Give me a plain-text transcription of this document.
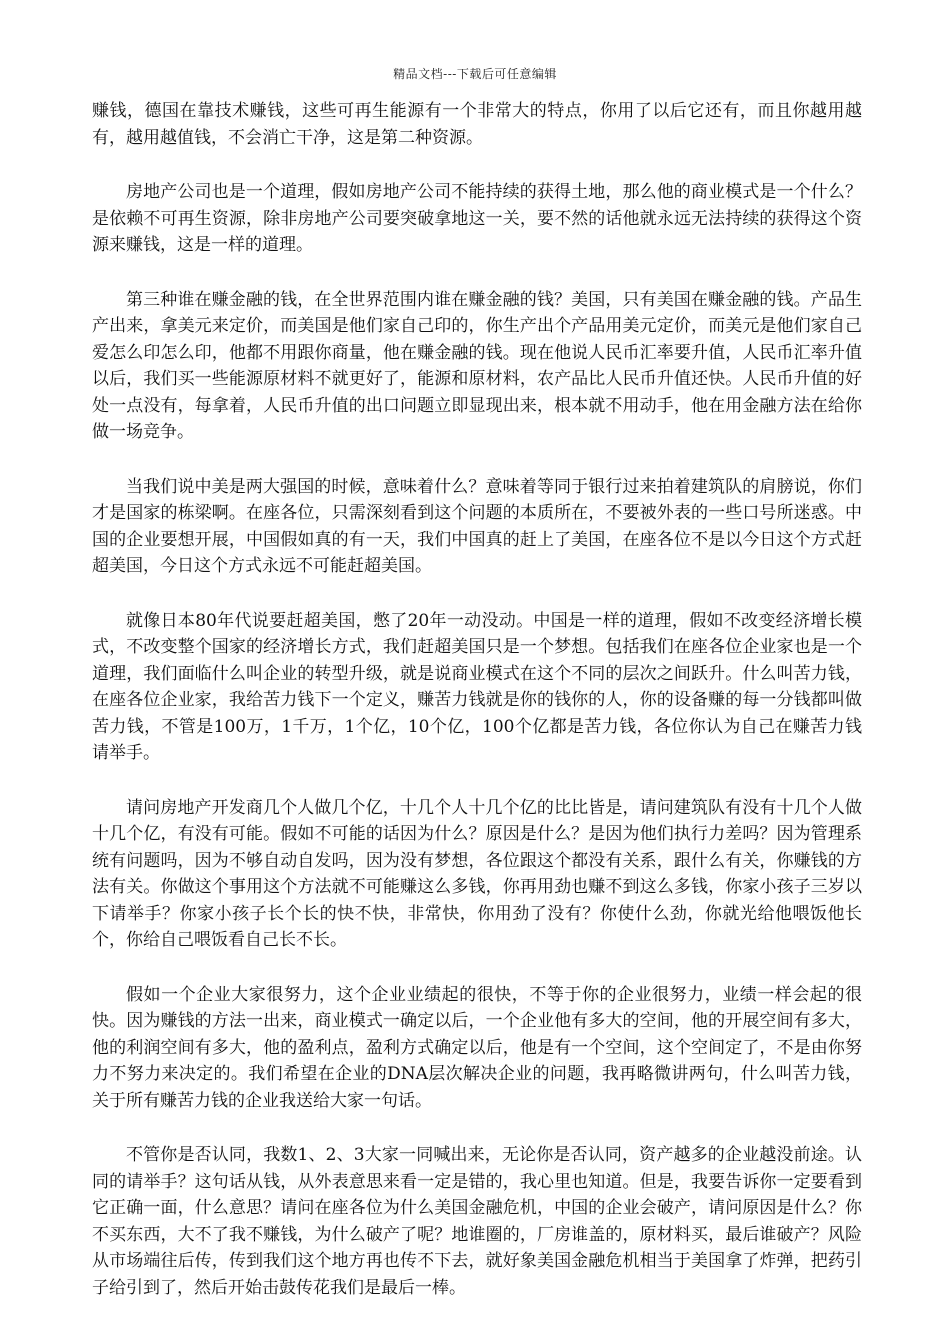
精品文档---下载后可任意编辑

赚钱，德国在靠技术赚钱，这些可再生能源有一个非常大的特点，你用了以后它还有，而且你越用越有，越用越值钱，不会消亡干净，这是第二种资源。

房地产公司也是一个道理，假如房地产公司不能持续的获得土地，那么他的商业模式是一个什么？是依赖不可再生资源，除非房地产公司要突破拿地这一关，要不然的话他就永远无法持续的获得这个资源来赚钱，这是一样的道理。

第三种谁在赚金融的钱，在全世界范围内谁在赚金融的钱？美国，只有美国在赚金融的钱。产品生产出来，拿美元来定价，而美国是他们家自己印的，你生产出个产品用美元定价，而美元是他们家自己爱怎么印怎么印，他都不用跟你商量，他在赚金融的钱。现在他说人民币汇率要升值，人民币汇率升值以后，我们买一些能源原材料不就更好了，能源和原材料，农产品比人民币升值还快。人民币升值的好处一点没有，每拿着，人民币升值的出口问题立即显现出来，根本就不用动手，他在用金融方法在给你做一场竞争。

当我们说中美是两大强国的时候，意味着什么？意味着等同于银行过来拍着建筑队的肩膀说，你们才是国家的栋梁啊。在座各位，只需深刻看到这个问题的本质所在，不要被外表的一些口号所迷惑。中国的企业要想开展，中国假如真的有一天，我们中国真的赶上了美国，在座各位不是以今日这个方式赶超美国，今日这个方式永远不可能赶超美国。

就像日本80年代说要赶超美国，憋了20年一动没动。中国是一样的道理，假如不改变经济增长模式，不改变整个国家的经济增长方式，我们赶超美国只是一个梦想。包括我们在座各位企业家也是一个道理，我们面临什么叫企业的转型升级，就是说商业模式在这个不同的层次之间跃升。什么叫苦力钱，在座各位企业家，我给苦力钱下一个定义，赚苦力钱就是你的钱你的人，你的设备赚的每一分钱都叫做苦力钱，不管是100万，1千万，1个亿，10个亿，100个亿都是苦力钱，各位你认为自己在赚苦力钱请举手。

请问房地产开发商几个人做几个亿，十几个人十几个亿的比比皆是，请问建筑队有没有十几个人做十几个亿，有没有可能。假如不可能的话因为什么？原因是什么？是因为他们执行力差吗？因为管理系统有问题吗，因为不够自动自发吗，因为没有梦想，各位跟这个都没有关系，跟什么有关，你赚钱的方法有关。你做这个事用这个方法就不可能赚这么多钱，你再用劲也赚不到这么多钱，你家小孩子三岁以下请举手？你家小孩子长个长的快不快，非常快，你用劲了没有？你使什么劲，你就光给他喂饭他长个，你给自己喂饭看自己长不长。

假如一个企业大家很努力，这个企业业绩起的很快，不等于你的企业很努力，业绩一样会起的很快。因为赚钱的方法一出来，商业模式一确定以后，一个企业他有多大的空间，他的开展空间有多大，他的利润空间有多大，他的盈利点，盈利方式确定以后，他是有一个空间，这个空间定了，不是由你努力不努力来决定的。我们希望在企业的DNA层次解决企业的问题，我再略微讲两句，什么叫苦力钱，关于所有赚苦力钱的企业我送给大家一句话。

不管你是否认同，我数1、2、3大家一同喊出来，无论你是否认同，资产越多的企业越没前途。认同的请举手？这句话从钱，从外表意思来看一定是错的，我心里也知道。但是，我要告诉你一定要看到它正确一面，什么意思？请问在座各位为什么美国金融危机，中国的企业会破产，请问原因是什么？你不买东西，大不了我不赚钱，为什么破产了呢？地谁圈的，厂房谁盖的，原材料买，最后谁破产？风险从市场端往后传，传到我们这个地方再也传不下去，就好象美国金融危机相当于美国拿了炸弹，把药引子给引到了，然后开始击鼓传花我们是最后一棒。
